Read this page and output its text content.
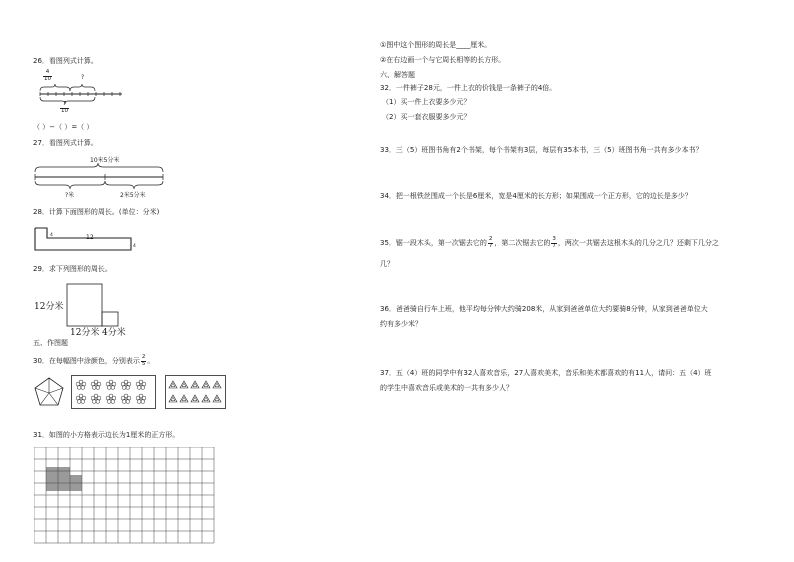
26．看图列式计算。
$\frac{4}{10}$	?
$\frac{7}{10}$
（ ）−（ ）=（ ）
27．看图列式计算。
10米5分米
?米	2米5分米
28．计算下面图形的周长。(单位：分米)
4	12
4
29．求下列图形的周长。
12分米
12分米 4分米
五、作图题
30．在每幅图中涂颜色，分别表示 $\frac{2}{5}$ 。
31．如图的小方格表示边长为1厘米的正方形。
①图中这个图形的周长是____厘米。
②在右边画一个与它周长相等的长方形。
六、解答题
32．一件裤子28元，一件上衣的价钱是一条裤子的4倍。
（1）买一件上衣要多少元？
（2）买一套衣服要多少元？
33．三（5）班图书角有2个书架，每个书架有3层，每层有35本书，三（5）班图书角一共有多少本书？
34．把一根铁丝围成一个长是6厘米，宽是4厘米的长方形；如果围成一个正方形，它的边长是多少？
35．锯一段木头，第一次锯去它的 $\frac{2}{7}$ ，第二次锯去它的 $\frac{3}{7}$ ，两次一共锯去这根木头的几分之几？还剩下几分之
几？
36．爸爸骑自行车上班，他平均每分钟大约骑208米，从家到爸爸单位大约要骑8分钟，从家到爸爸单位大
约有多少米？
37．五（4）班的同学中有32人喜欢音乐，27人喜欢美术，音乐和美术都喜欢的有11人，请问：五（4）班
的学生中喜欢音乐或美术的一共有多少人？
